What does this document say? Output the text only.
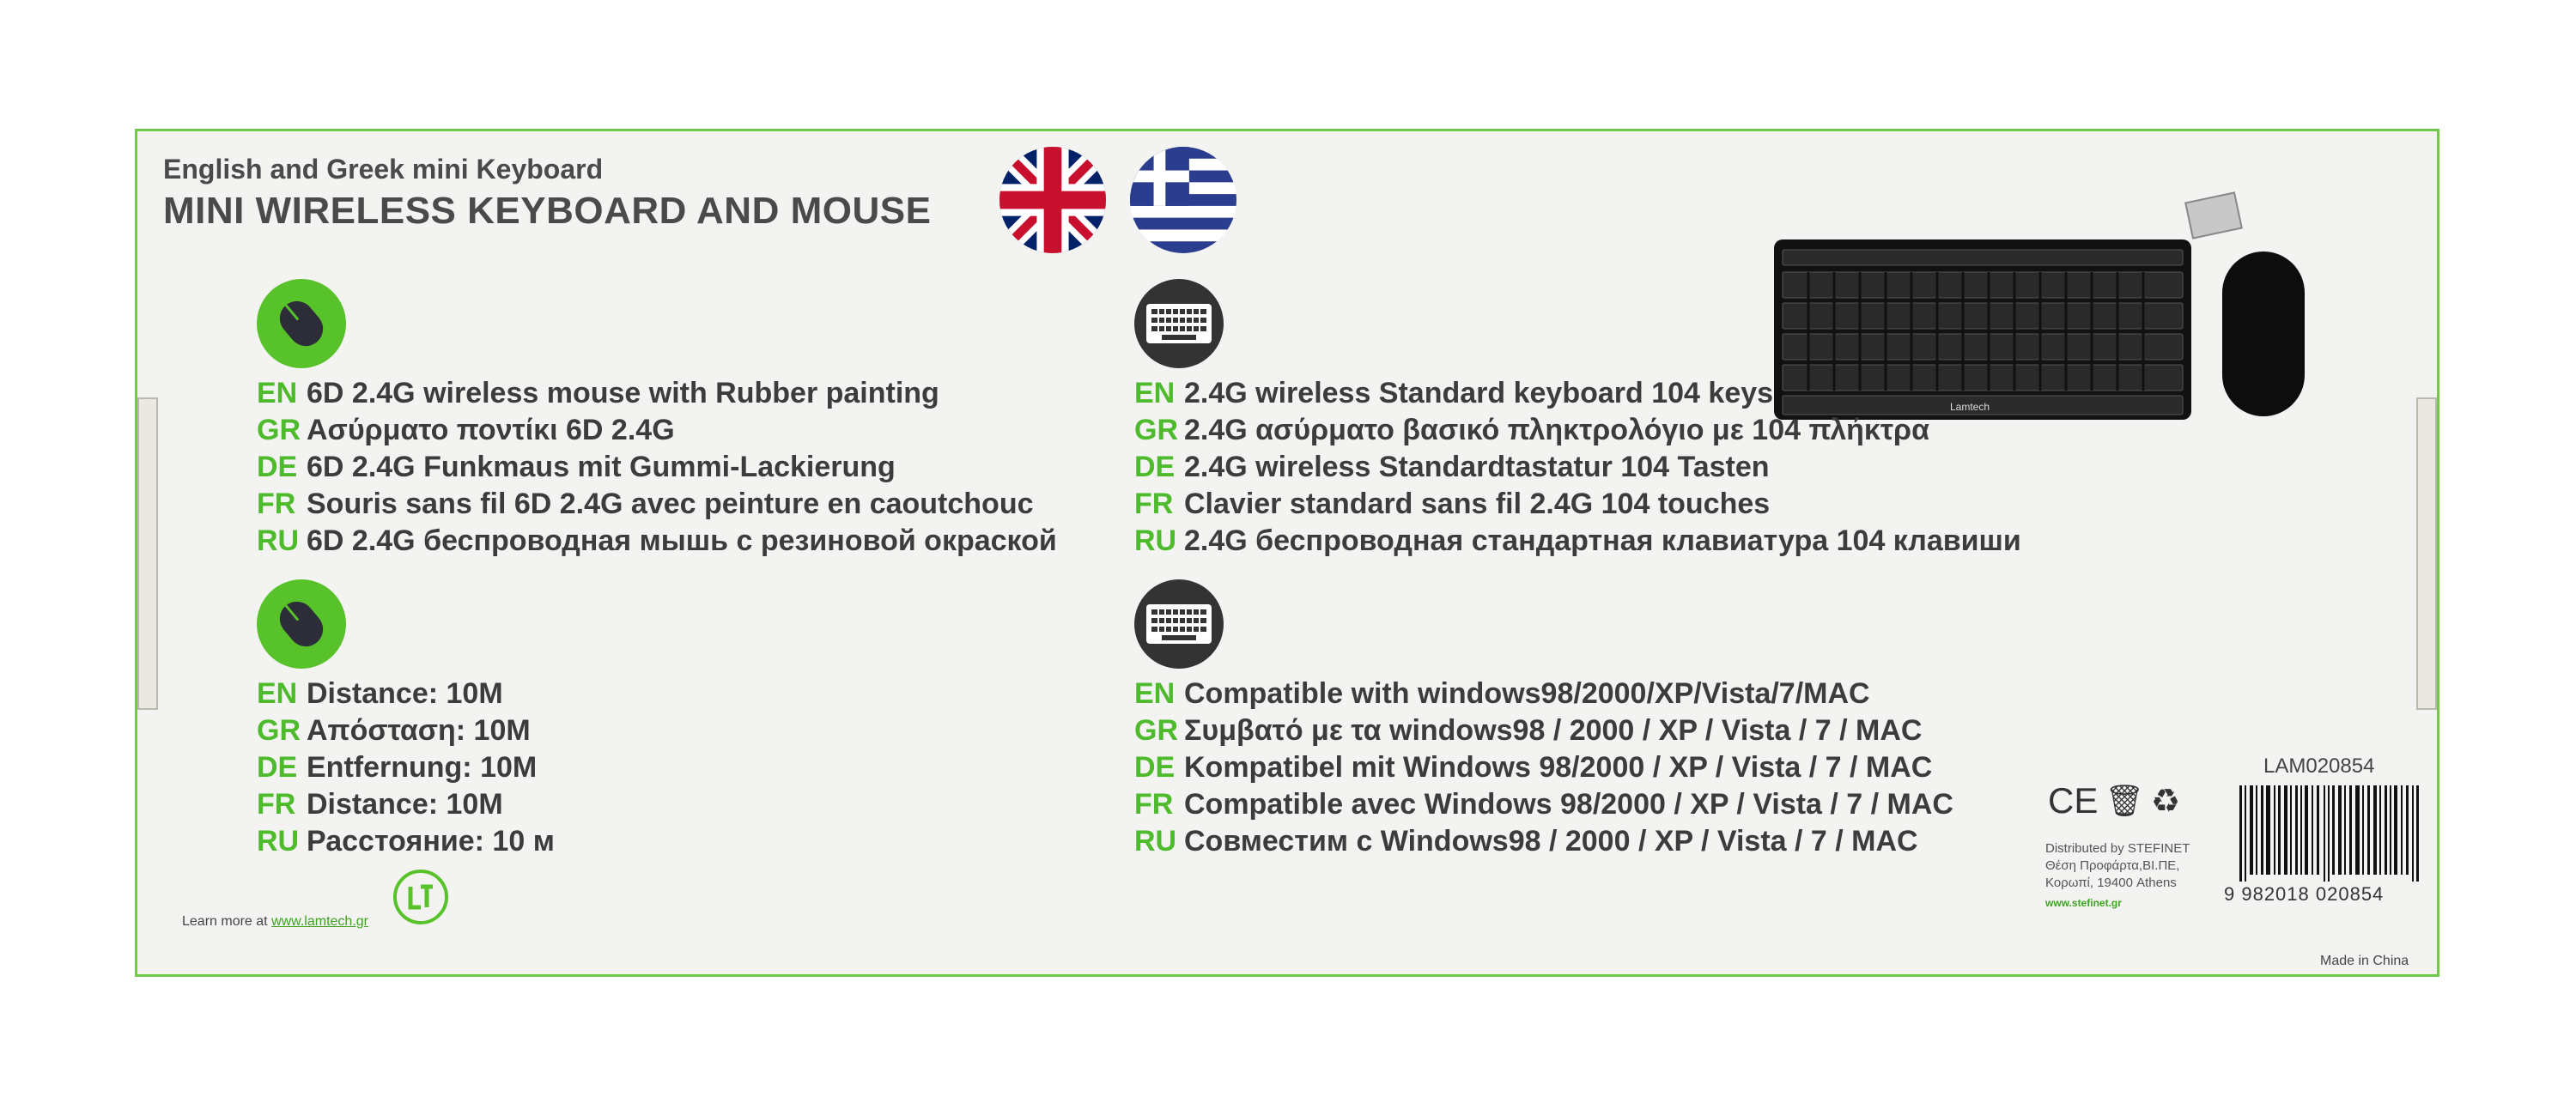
English and Greek mini Keyboard
MINI WIRELESS KEYBOARD AND MOUSE
Lamtech
EN 6D 2.4G wireless mouse with Rubber painting
GR Ασύρματο ποντίκι 6D 2.4G
DE 6D 2.4G Funkmaus mit Gummi-Lackierung
FR Souris sans fil 6D 2.4G avec peinture en caoutchouc
RU 6D 2.4G беспроводная мышь с резиновой окраской
EN 2.4G wireless Standard keyboard 104 keys
GR 2.4G ασύρματο βασικό πληκτρολόγιο με 104 πλήκτρα
DE 2.4G wireless Standardtastatur 104 Tasten
FR Clavier standard sans fil 2.4G 104 touches
RU 2.4G беспроводная стандартная клавиатура 104 клавиши
EN Distance: 10M
GR Απόσταση: 10M
DE Entfernung: 10M
FR Distance: 10M
RU Расстояние: 10 м
EN Compatible with windows98/2000/XP/Vista/7/MAC
GR Συμβατό με τα windows98 / 2000 / XP / Vista / 7 / MAC
DE Kompatibel mit Windows 98/2000 / XP / Vista / 7 / MAC
FR Compatible avec Windows 98/2000 / XP / Vista / 7 / MAC
RU Совместим с Windows98 / 2000 / XP / Vista / 7 / MAC
Learn more at www.lamtech.gr
CE 🗑 ♻
Distributed by STEFINET
Θέση Προφάρτα,ΒΙ.ΠΕ,
Κορωπί, 19400 Athens
www.stefinet.gr
LAM020854
9 982018 020854
Made in China
